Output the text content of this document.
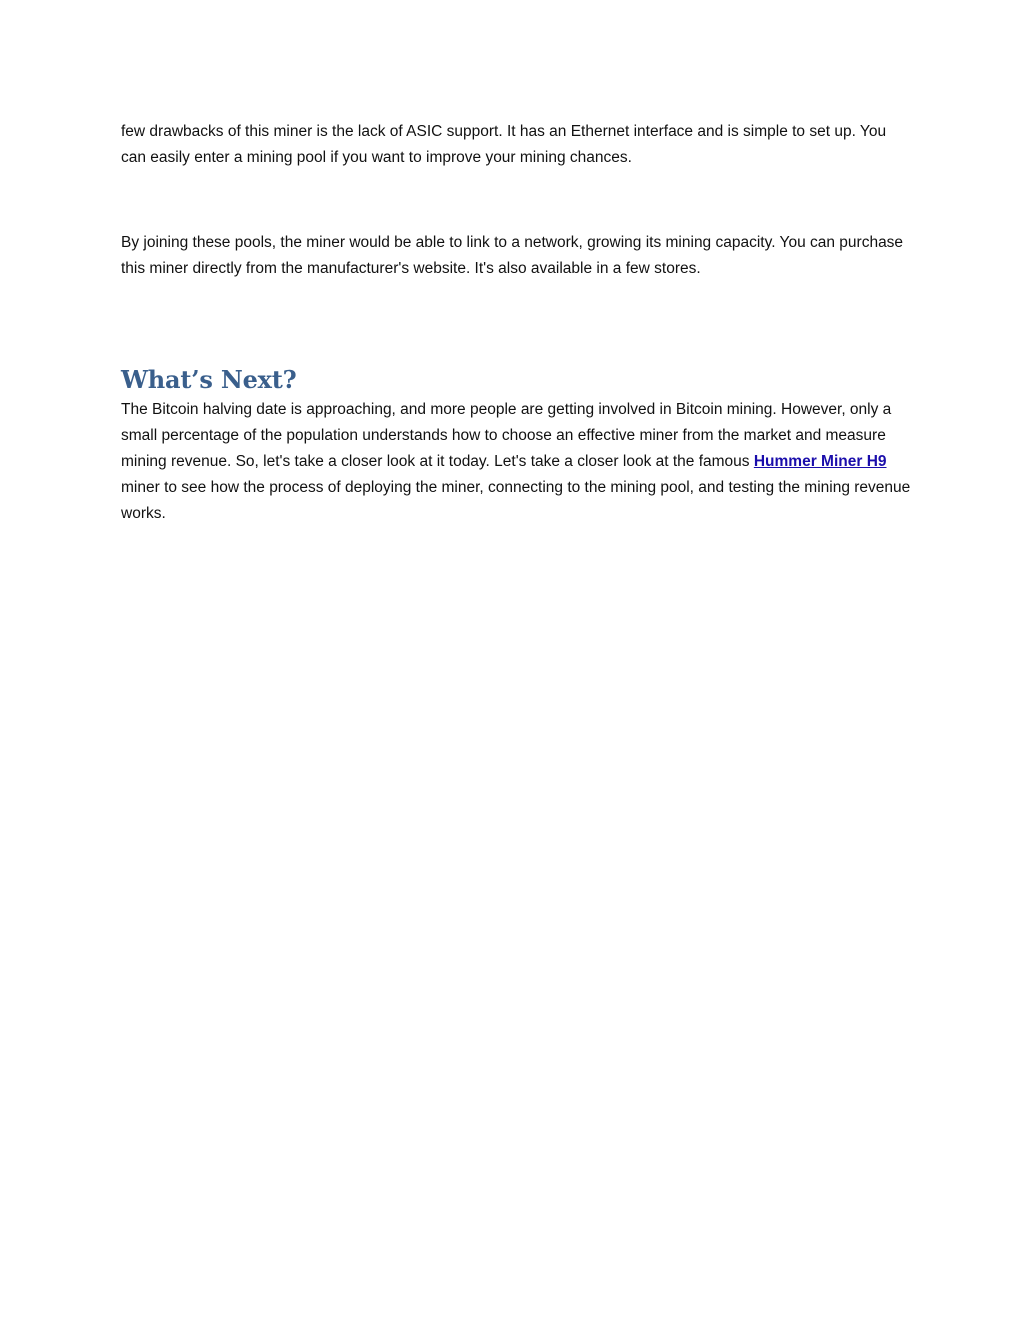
few drawbacks of this miner is the lack of ASIC support. It has an Ethernet interface and is simple to set up. You can easily enter a mining pool if you want to improve your mining chances.

By joining these pools, the miner would be able to link to a network, growing its mining capacity. You can purchase this miner directly from the manufacturer's website. It's also available in a few stores.

What’s Next?

The Bitcoin halving date is approaching, and more people are getting involved in Bitcoin mining. However, only a small percentage of the population understands how to choose an effective miner from the market and measure mining revenue. So, let's take a closer look at it today. Let's take a closer look at the famous Hummer Miner H9 miner to see how the process of deploying the miner, connecting to the mining pool, and testing the mining revenue works.
